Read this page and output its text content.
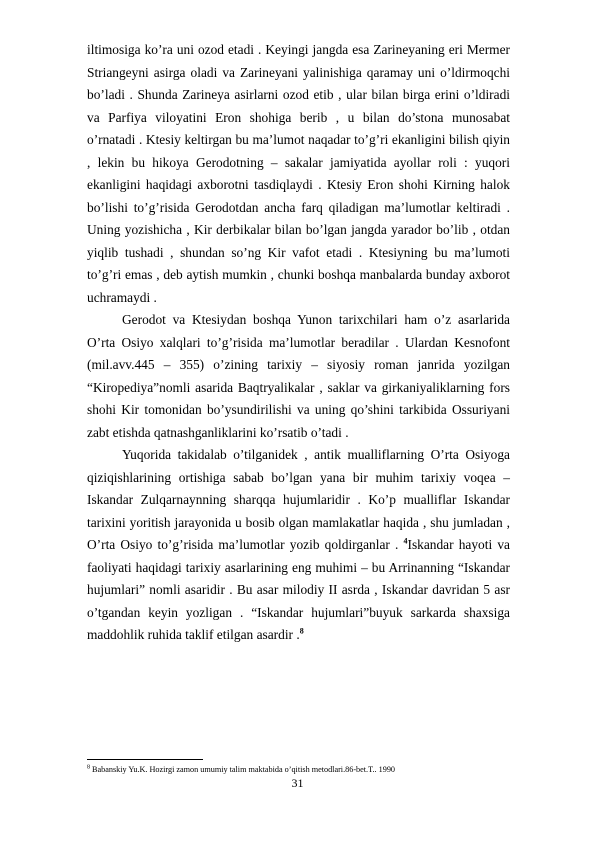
iltimosiga ko’ra uni ozod etadi . Keyingi jangda esa Zarineyaning eri Mermer Striangeyni asirga oladi va Zarineyani yalinishiga qaramay uni o’ldirmoqchi bo’ladi . Shunda Zarineya asirlarni ozod etib , ular bilan birga erini o’ldiradi va Parfiya viloyatini Eron shohiga berib , u bilan do’stona munosabat o’rnatadi . Ktesiy keltirgan bu ma’lumot naqadar to’g’ri ekanligini bilish qiyin , lekin bu hikoya Gerodotning – sakalar jamiyatida ayollar roli : yuqori ekanligini haqidagi axborotni tasdiqlaydi . Ktesiy Eron shohi Kirning halok bo’lishi to’g’risida Gerodotdan ancha farq qiladigan ma’lumotlar keltiradi . Uning yozishicha , Kir derbikalar bilan bo’lgan jangda yarador bo’lib , otdan yiqlib tushadi , shundan so’ng Kir vafot etadi . Ktesiyning bu ma’lumoti to’g’ri emas , deb aytish mumkin , chunki boshqa manbalarda bunday axborot uchramaydi .

Gerodot va Ktesiydan boshqa Yunon tarixchilari ham o’z asarlarida O’rta Osiyo xalqlari to’g’risida ma’lumotlar beradilar . Ulardan Kesnofont (mil.avv.445 – 355) o’zining tarixiy – siyosiy roman janrida yozilgan “Kiropediya”nomli asarida Baqtryalikalar , saklar va girkaniyaliklarning fors shohi Kir tomonidan bo’ysundirilishi va uning qo’shini tarkibida Ossuriyani zabt etishda qatnashganliklarini ko’rsatib o’tadi .

Yuqorida takidalab o’tilganidek , antik mualliflarning O’rta Osiyoga qiziqishlarining ortishiga sabab bo’lgan yana bir muhim tarixiy voqea – Iskandar Zulqarnaynning sharqqa hujumlaridir . Ko’p mualliflar Iskandar tarixini yoritish jarayonida u bosib olgan mamlakatlar haqida , shu jumladan , O’rta Osiyo to’g’risida ma’lumotlar yozib qoldirganlar . $^4$Iskandar hayoti va faoliyati haqidagi tarixiy asarlarining eng muhimi – bu Arrinanning “Iskandar hujumlari” nomli asaridir . Bu asar milodiy II asrda , Iskandar davridan 5 asr o’tgandan keyin yozligan . “Iskandar hujumlari”buyuk sarkarda shaxsiga maddohlik ruhida taklif etilgan asardir .$^8$

$^8$ Babanskiy Yu.K. Hozirgi zamon umumiy talim maktabida o’qitish metodlari.86-bet.T.. 1990
31
